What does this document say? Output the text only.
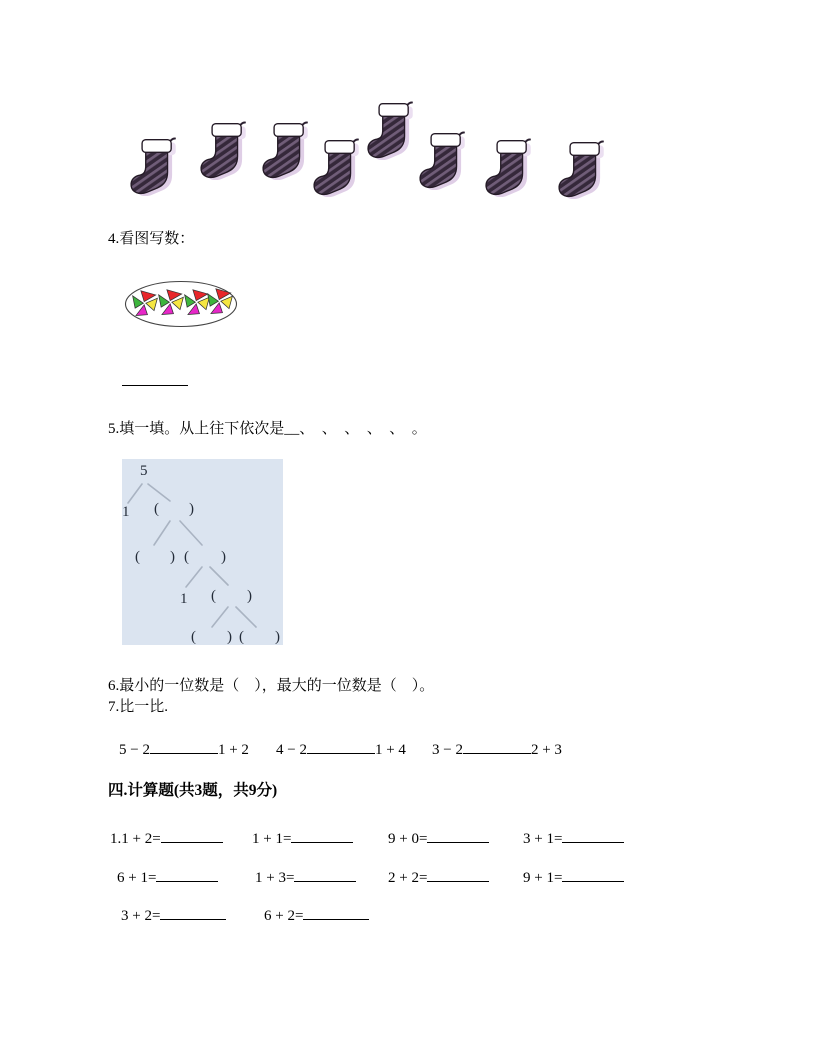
4.看图写数：
5.填一填。从上往下依次是__、　、　、　、　、　。
5
1 ( )
( ) ( )
1 ( )
( ) ( )
6.最小的一位数是（　），最大的一位数是（　）。
7.比一比.
5 − 2	1 + 2 4 − 2	1 + 4 3 − 2	2 + 3
四.计算题(共3题，共9分)
1.1 + 2=	1 + 1=	9 + 0=	3 + 1=
6 + 1=	1 + 3=	2 + 2=	9 + 1=
3 + 2=	6 + 2=
